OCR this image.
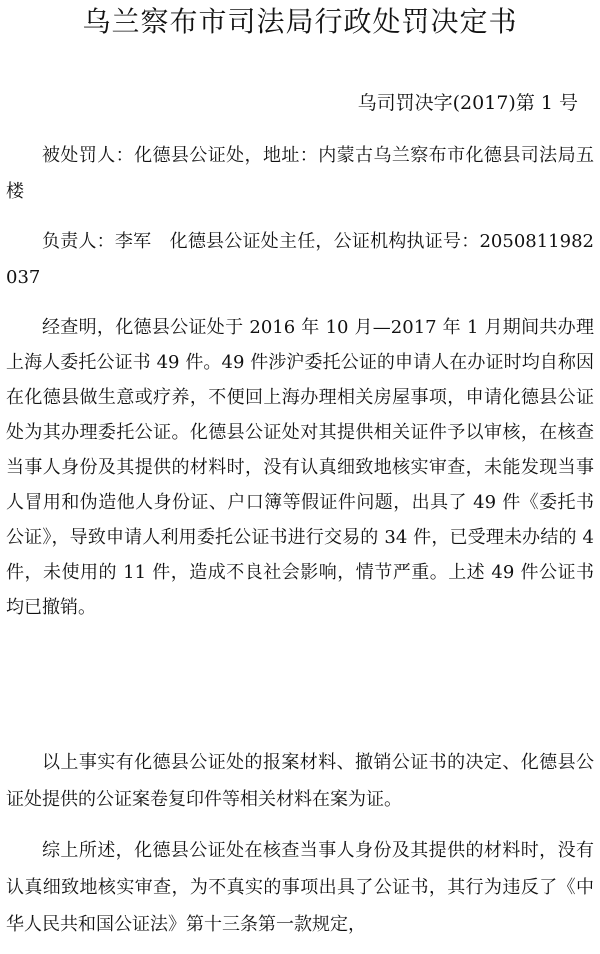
乌兰察布市司法局行政处罚决定书
乌司罚决字(2017)第 1 号

被处罚人：化德县公证处，地址：内蒙古乌兰察布市化德县司法局五楼

负责人：李军　化德县公证处主任，公证机构执证号：2050811982037

经查明，化德县公证处于 2016 年 10 月—2017 年 1 月期间共办理上海人委托公证书 49 件。49 件涉沪委托公证的申请人在办证时均自称因在化德县做生意或疗养，不便回上海办理相关房屋事项，申请化德县公证处为其办理委托公证。化德县公证处对其提供相关证件予以审核，在核查当事人身份及其提供的材料时，没有认真细致地核实审查，未能发现当事人冒用和伪造他人身份证、户口簿等假证件问题，出具了 49 件《委托书公证》，导致申请人利用委托公证书进行交易的 34 件，已受理未办结的 4 件，未使用的 11 件，造成不良社会影响，情节严重。上述 49 件公证书均已撤销。

以上事实有化德县公证处的报案材料、撤销公证书的决定、化德县公证处提供的公证案卷复印件等相关材料在案为证。

综上所述，化德县公证处在核查当事人身份及其提供的材料时，没有认真细致地核实审查，为不真实的事项出具了公证书，其行为违反了《中华人民共和国公证法》第十三条第一款规定，
